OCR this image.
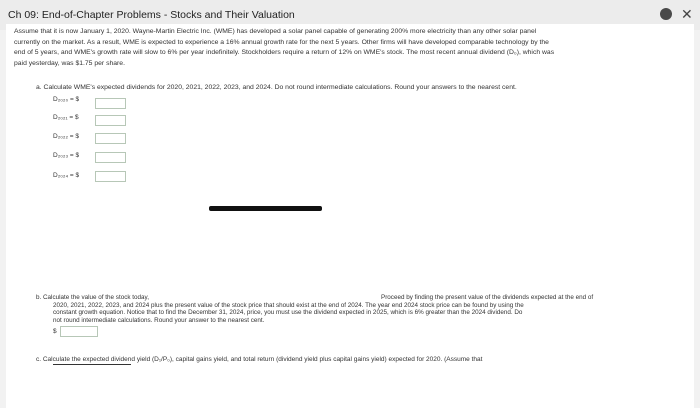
Ch 09: End-of-Chapter Problems - Stocks and Their Valuation	✕
Assume that it is now January 1, 2020. Wayne-Martin Electric Inc. (WME) has developed a solar panel capable of generating 200% more electricity than any other solar panel
currently on the market. As a result, WME is expected to experience a 16% annual growth rate for the next 5 years. Other firms will have developed comparable technology by the
end of 5 years, and WME's growth rate will slow to 6% per year indefinitely. Stockholders require a return of 12% on WME's stock. The most recent annual dividend (D₀), which was
paid yesterday, was $1.75 per share.
a. Calculate WME's expected dividends for 2020, 2021, 2022, 2023, and 2024. Do not round intermediate calculations. Round your answers to the nearest cent.
D₂₀₂₀ = $
D₂₀₂₁ = $
D₂₀₂₂ = $
D₂₀₂₃ = $
D₂₀₂₄ = $
b. Calculate the value of the stock today,	Proceed by finding the present value of the dividends expected at the end of
2020, 2021, 2022, 2023, and 2024 plus the present value of the stock price that should exist at the end of 2024. The year end 2024 stock price can be found by using the
constant growth equation. Notice that to find the December 31, 2024, price, you must use the dividend expected in 2025, which is 6% greater than the 2024 dividend. Do
not round intermediate calculations. Round your answer to the nearest cent.
$
c. Calculate the expected dividend yield (D₁/P₀), capital gains yield, and total return (dividend yield plus capital gains yield) expected for 2020. (Assume that
